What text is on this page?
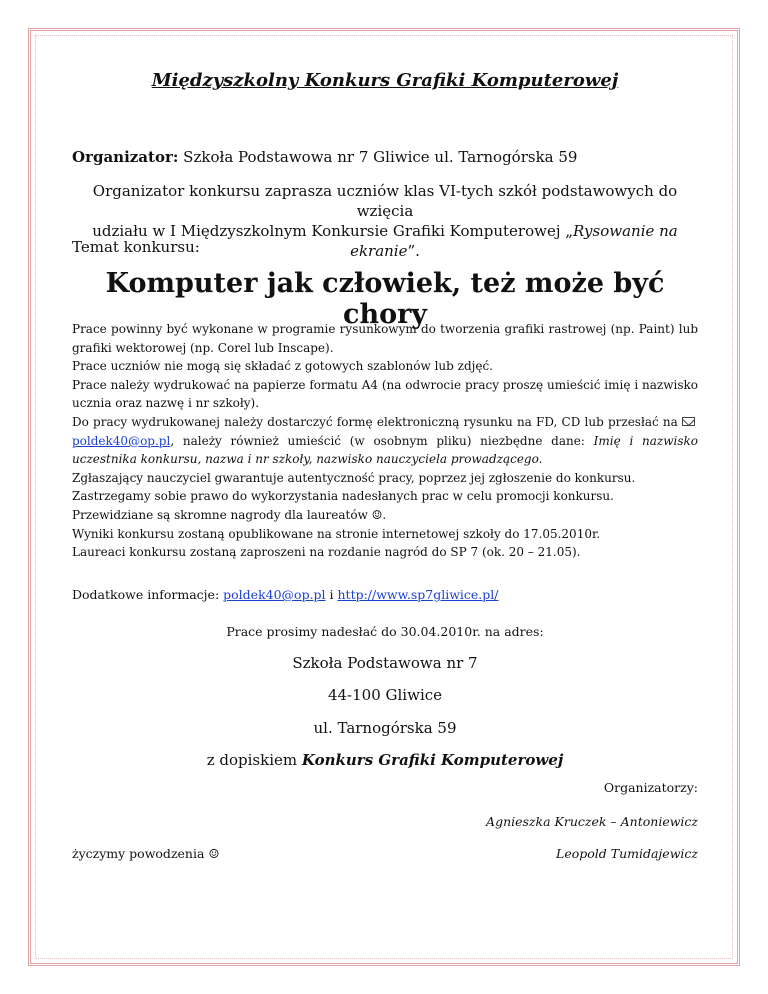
Międzyszkolny Konkurs Grafiki Komputerowej
Organizator: Szkoła Podstawowa nr 7 Gliwice ul. Tarnogórska 59
Organizator konkursu zaprasza uczniów klas VI-tych szkół podstawowych do wzięcia
udziału w I Międzyszkolnym Konkursie Grafiki Komputerowej „Rysowanie na ekranie”.
Temat konkursu:
Komputer jak człowiek, też może być chory

Prace powinny być wykonane w programie rysunkowym do tworzenia grafiki rastrowej (np. Paint) lub grafiki wektorowej (np. Corel lub Inscape).

Prace uczniów nie mogą się składać z gotowych szablonów lub zdjęć.

Prace należy wydrukować na papierze formatu A4 (na odwrocie pracy proszę umieścić imię i nazwisko ucznia oraz nazwę i nr szkoły).

Do pracy wydrukowanej należy dostarczyć formę elektroniczną rysunku na FD, CD lub przesłać na poldek40@op.pl, należy również umieścić (w osobnym pliku) niezbędne dane: Imię i nazwisko uczestnika konkursu, nazwa i nr szkoły, nazwisko nauczyciela prowadzącego.

Zgłaszający nauczyciel gwarantuje autentyczność pracy, poprzez jej zgłoszenie do konkursu.

Zastrzegamy sobie prawo do wykorzystania nadesłanych prac w celu promocji konkursu.

Przewidziane są skromne nagrody dla laureatów ☺.

Wyniki konkursu zostaną opublikowane na stronie internetowej szkoły do 17.05.2010r.

Laureaci konkursu zostaną zaproszeni na rozdanie nagród do SP 7 (ok. 20 – 21.05).

Dodatkowe informacje: poldek40@op.pl i http://www.sp7gliwice.pl/
Prace prosimy nadesłać do 30.04.2010r. na adres:
Szkoła Podstawowa nr 7
44-100 Gliwice
ul. Tarnogórska 59
z dopiskiem Konkurs Grafiki Komputerowej
Organizatorzy:
Agnieszka Kruczek – Antoniewicz
życzymy powodzenia ☺	Leopold Tumidajewicz
